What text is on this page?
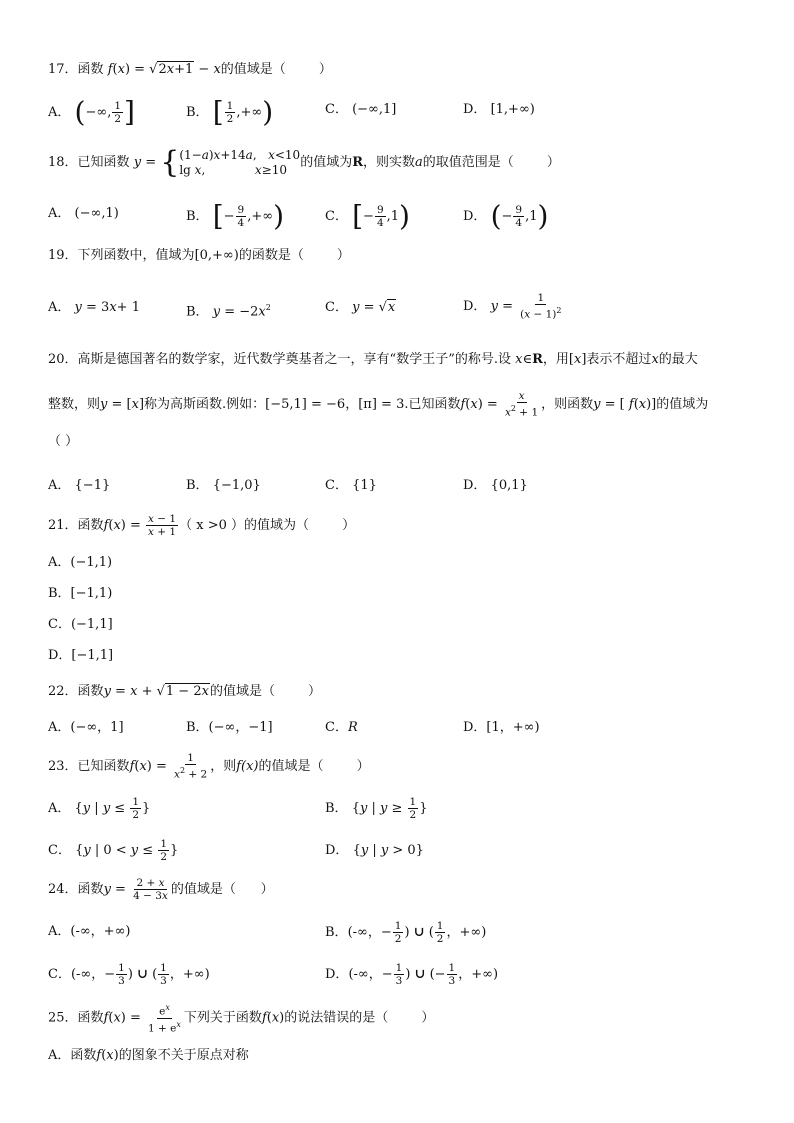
17．函数 f(x) = √2x+1 − x的值域是（	）
A． (−∞, $\frac{1}{2}$ ]	B． [ $\frac{1}{2}$ ,+∞)	C． (−∞,1]	D． [1,+∞)
18．已知函数 y = { (1−a)x+14a,   x<10
lg x,             x≥10	的值域为R，则实数a的取值范围是（	）
A． (−∞,1)	B． [− $\frac{9}{4}$ ,+∞)	C． [− $\frac{9}{4} ,1$)	D． (− $\frac{9}{4} ,1$)
19．下列函数中，值域为[0,+∞)的函数是（	）
A． y = 3x+ 1	B． $y = -2x^2$	C． y = √x	D． $y = \frac{1}{(x - 1)^2}$
20．高斯是德国著名的数学家，近代数学奠基者之一，享有“数学王子”的称号.设 x∈R，用[x]表示不超过x的最大
整数，则y = [x]称为高斯函数.例如：[−5,1] = −6，[π] = 3.已知函数$f(x) = \frac{x}{x^2 + 1}$ ，则函数y = [ f(x)]的值域为
（ ）
A． {−1}	B． {−1,0}	C． {1}	D． {0,1}
21．函数$f(x) = \frac{x - 1}{x + 1}$ （ x >0 ）的值域为（	）
A．(−1,1)
B．[−1,1)
C．(−1,1]
D．[−1,1]
22．函数y = x + √1 − 2x的值域是（	）
A．(−∞，1]	B．(−∞，−1]	C．R	D．[1，+∞)
23．已知函数$f(x) = \frac{1}{x^2 + 2}$ ，则f(x)的值域是（	）
A． {y | $y \le \frac{1}{2}$ }	B． {y | $y \ge \frac{1}{2}$ }
C． {y | $0 < y \le \frac{1}{2}$ }	D． {y | y > 0}
24．函数$y = \frac{2 + x}{4 - 3x}$ 的值域是（ ）
A．(-∞，+∞)	B．(-∞，− $\frac{1}{2}$ ) ∪ ( $\frac{1}{2}$ ，+∞)
C．(-∞，− $\frac{1}{3}$ ) ∪ ( $\frac{1}{3}$ ，+∞)	D．(-∞，− $\frac{1}{3}$ ) ∪ (− $\frac{1}{3}$ ，+∞)
25．函数$f(x) = \frac{e^x}{1 + e^x}$ 下列关于函数f(x)的说法错误的是（	）
A．函数f(x)的图象不关于原点对称
